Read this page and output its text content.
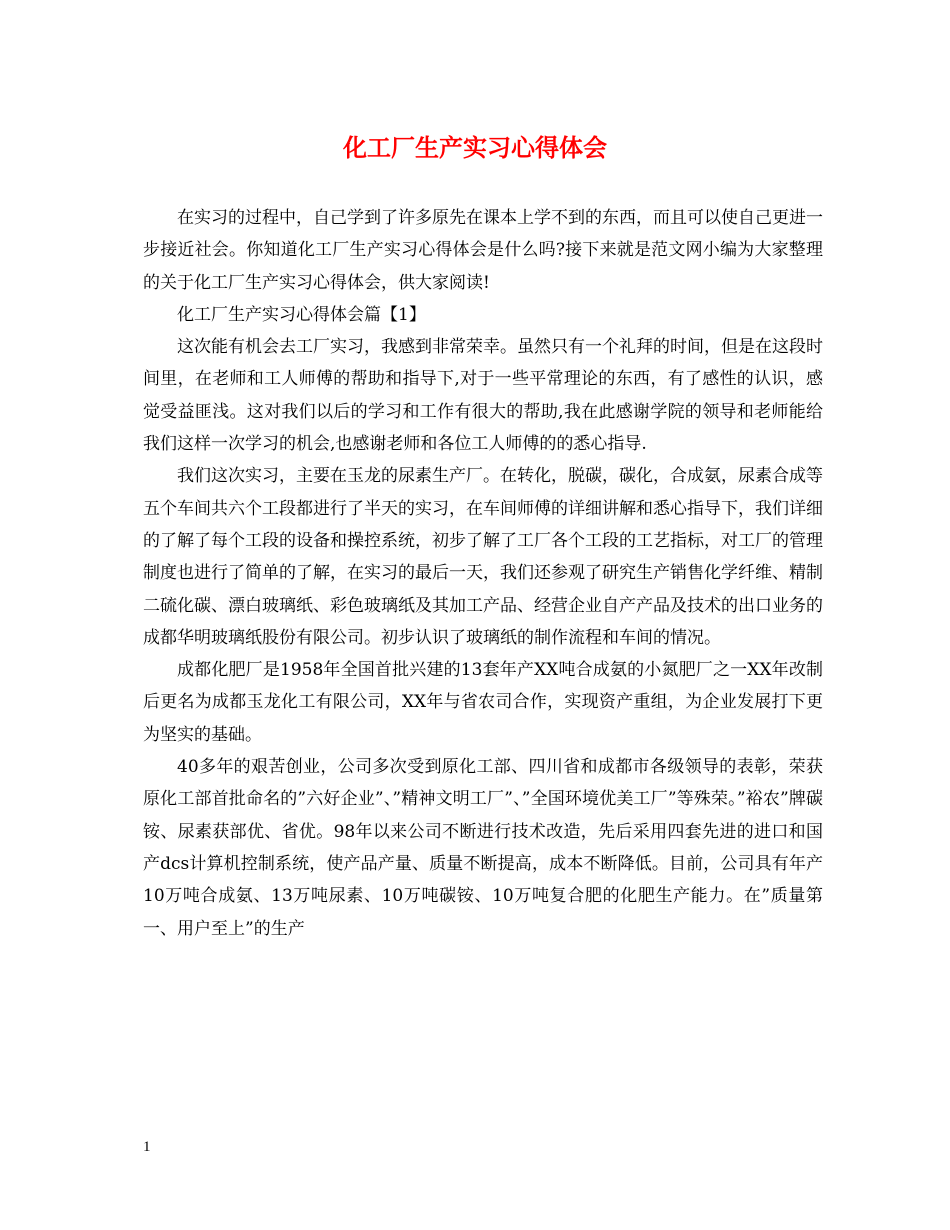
化工厂生产实习心得体会

在实习的过程中，自己学到了许多原先在课本上学不到的东西，而且可以使自己更进一步接近社会。你知道化工厂生产实习心得体会是什么吗?接下来就是范文网小编为大家整理的关于化工厂生产实习心得体会，供大家阅读!

化工厂生产实习心得体会篇【1】

这次能有机会去工厂实习，我感到非常荣幸。虽然只有一个礼拜的时间，但是在这段时间里，在老师和工人师傅的帮助和指导下,对于一些平常理论的东西，有了感性的认识，感觉受益匪浅。这对我们以后的学习和工作有很大的帮助,我在此感谢学院的领导和老师能给我们这样一次学习的机会,也感谢老师和各位工人师傅的的悉心指导.

我们这次实习，主要在玉龙的尿素生产厂。在转化，脱碳，碳化，合成氨，尿素合成等五个车间共六个工段都进行了半天的实习，在车间师傅的详细讲解和悉心指导下，我们详细的了解了每个工段的设备和操控系统，初步了解了工厂各个工段的工艺指标，对工厂的管理制度也进行了简单的了解，在实习的最后一天，我们还参观了研究生产销售化学纤维、精制二硫化碳、漂白玻璃纸、彩色玻璃纸及其加工产品、经营企业自产产品及技术的出口业务的成都华明玻璃纸股份有限公司。初步认识了玻璃纸的制作流程和车间的情况。

成都化肥厂是1958年全国首批兴建的13套年产XX吨合成氨的小氮肥厂之一XX年改制后更名为成都玉龙化工有限公司，XX年与省农司合作，实现资产重组，为企业发展打下更为坚实的基础。

40多年的艰苦创业，公司多次受到原化工部、四川省和成都市各级领导的表彰，荣获原化工部首批命名的”六好企业”、”精神文明工厂”、”全国环境优美工厂”等殊荣。”裕农”牌碳铵、尿素获部优、省优。98年以来公司不断进行技术改造，先后采用四套先进的进口和国产dcs计算机控制系统，使产品产量、质量不断提高，成本不断降低。目前，公司具有年产10万吨合成氨、13万吨尿素、10万吨碳铵、10万吨复合肥的化肥生产能力。在”质量第一、用户至上”的生产

1
